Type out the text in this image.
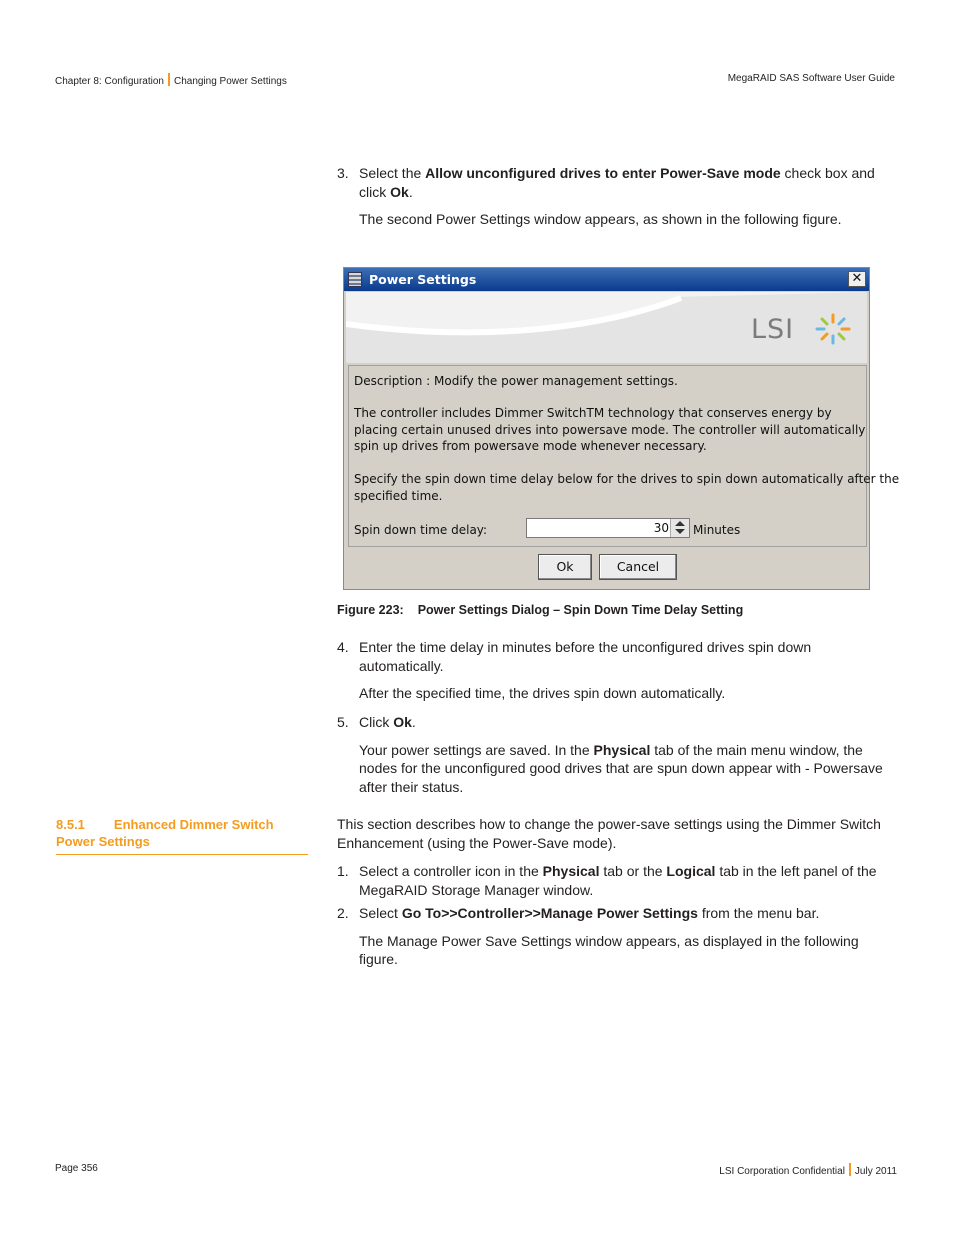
Chapter 8: Configuration Changing Power Settings	MegaRAID SAS Software User Guide
3. Select the Allow unconfigured drives to enter Power-Save mode check box and click Ok.
The second Power Settings window appears, as shown in the following figure.
Power Settings	✕
LSI
Description : Modify the power management settings.
The controller includes Dimmer SwitchTM technology that conserves energy by
placing certain unused drives into powersave mode. The controller will automatically
spin up drives from powersave mode whenever necessary.
Specify the spin down time delay below for the drives to spin down automatically after the
specified time.
Spin down time delay:	30 Minutes
Ok	Cancel
Figure 223: Power Settings Dialog – Spin Down Time Delay Setting
4. Enter the time delay in minutes before the unconfigured drives spin down automatically.
After the specified time, the drives spin down automatically.
5. Click Ok.
Your power settings are saved. In the Physical tab of the main menu window, the nodes for the unconfigured good drives that are spun down appear with - Powersave after their status.
8.5.1 Enhanced Dimmer Switch
Power Settings
This section describes how to change the power-save settings using the Dimmer Switch Enhancement (using the Power-Save mode).
1. Select a controller icon in the Physical tab or the Logical tab in the left panel of the MegaRAID Storage Manager window.
2. Select Go To>>Controller>>Manage Power Settings from the menu bar.
The Manage Power Save Settings window appears, as displayed in the following figure.
Page 356	LSI Corporation Confidential July 2011
